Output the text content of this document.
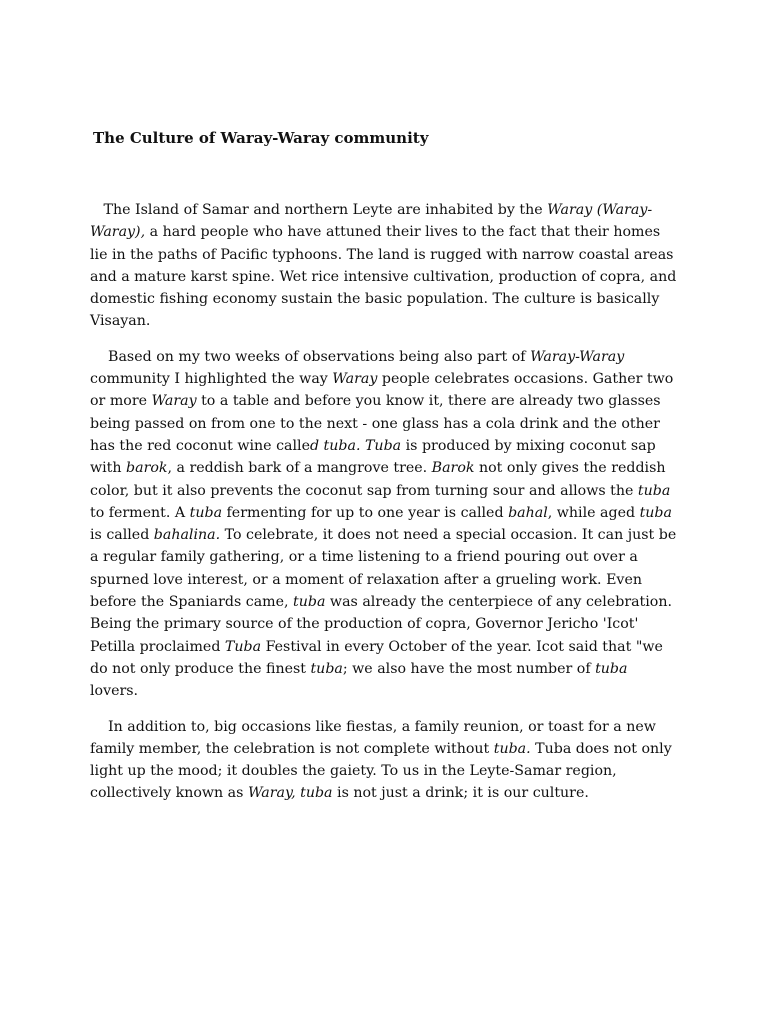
The Culture of Waray-Waray community

The Island of Samar and northern Leyte are inhabited by the Waray (Waray-Waray), a hard people who have attuned their lives to the fact that their homes lie in the paths of Pacific typhoons. The land is rugged with narrow coastal areas and a mature karst spine. Wet rice intensive cultivation, production of copra, and domestic fishing economy sustain the basic population. The culture is basically Visayan.

Based on my two weeks of observations being also part of Waray-Waray community I highlighted the way Waray people celebrates occasions. Gather two or more Waray to a table and before you know it, there are already two glasses being passed on from one to the next - one glass has a cola drink and the other has the red coconut wine called tuba. Tuba is produced by mixing coconut sap with barok, a reddish bark of a mangrove tree. Barok not only gives the reddish color, but it also prevents the coconut sap from turning sour and allows the tuba to ferment. A tuba fermenting for up to one year is called bahal, while aged tuba is called bahalina. To celebrate, it does not need a special occasion. It can just be a regular family gathering, or a time listening to a friend pouring out over a spurned love interest, or a moment of relaxation after a grueling work. Even before the Spaniards came, tuba was already the centerpiece of any celebration. Being the primary source of the production of copra, Governor Jericho 'Icot' Petilla proclaimed Tuba Festival in every October of the year. Icot said that "we do not only produce the finest tuba; we also have the most number of tuba lovers.

In addition to, big occasions like fiestas, a family reunion, or toast for a new family member, the celebration is not complete without tuba. Tuba does not only light up the mood; it doubles the gaiety. To us in the Leyte-Samar region, collectively known as Waray, tuba is not just a drink; it is our culture.
